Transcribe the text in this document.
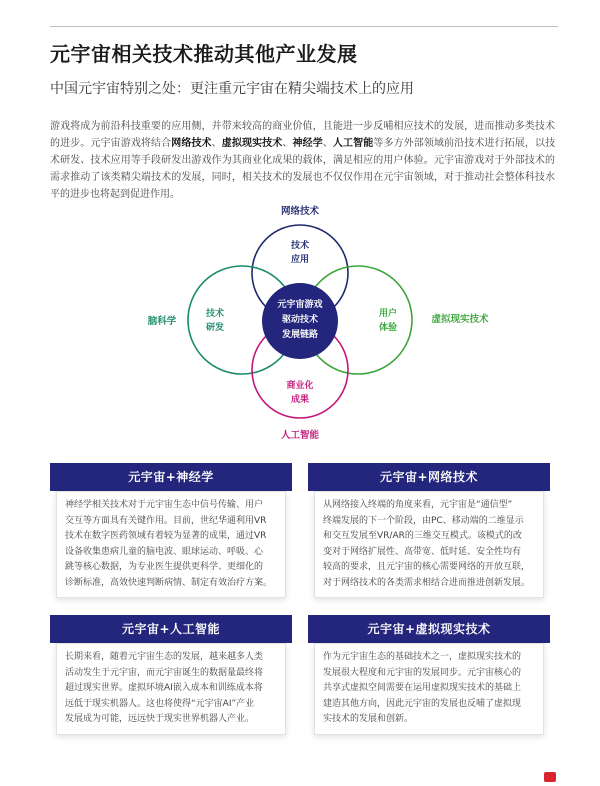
元宇宙相关技术推动其他产业发展
中国元宇宙特别之处：更注重元宇宙在精尖端技术上的应用
游戏将成为前沿科技重要的应用侧，并带来较高的商业价值，且能进一步反哺相应技术的发展，进而推动多类技术的进步。元宇宙游戏将结合网络技术、虚拟现实技术、神经学、人工智能等多方外部领域前沿技术进行拓展，以技术研发、技术应用等手段研发出游戏作为其商业化成果的载体，满足相应的用户体验。元宇宙游戏对于外部技术的需求推动了该类精尖端技术的发展，同时，相关技术的发展也不仅仅作用在元宇宙领域，对于推动社会整体科技水平的进步也将起到促进作用。
元宇宙游戏
驱动技术
发展链路
技术
应用
技术
研发
用户
体验
商业化
成果
网络技术
脑科学	虚拟现实技术
人工智能
元宇宙+神经学
神经学相关技术对于元宇宙生态中信号传输、用户
交互等方面具有关键作用。目前，世纪华通利用VR
技术在数字医药领域有着较为显著的成果，通过VR
设备收集患病儿童的脑电波、眼球运动、呼吸、心
跳等核心数据，为专业医生提供更科学、更细化的
诊断标准，高效快速判断病情、制定有效治疗方案。
元宇宙+网络技术
从网络接入终端的角度来看，元宇宙是“通信型”
终端发展的下一个阶段，由PC、移动端的二维显示
和交互发展至VR/AR的三维交互模式。该模式的改
变对于网络扩展性、高带宽、低时延、安全性均有
较高的要求，且元宇宙的核心需要网络的开放互联，
对于网络技术的各类需求相结合进而推进创新发展。
元宇宙+人工智能
长期来看，随着元宇宙生态的发展，越来越多人类
活动发生于元宇宙，而元宇宙诞生的数据量最终将
超过现实世界。虚拟环境AI嵌入成本和训练成本将
远低于现实机器人。这也将使得“元宇宙AI”产业
发展成为可能，远远快于现实世界机器人产业。
元宇宙+虚拟现实技术
作为元宇宙生态的基础技术之一，虚拟现实技术的
发展很大程度和元宇宙的发展同步。元宇宙核心的
共享式虚拟空间需要在运用虚拟现实技术的基础上
建造其他方向，因此元宇宙的发展也反哺了虚拟现
实技术的发展和创新。
